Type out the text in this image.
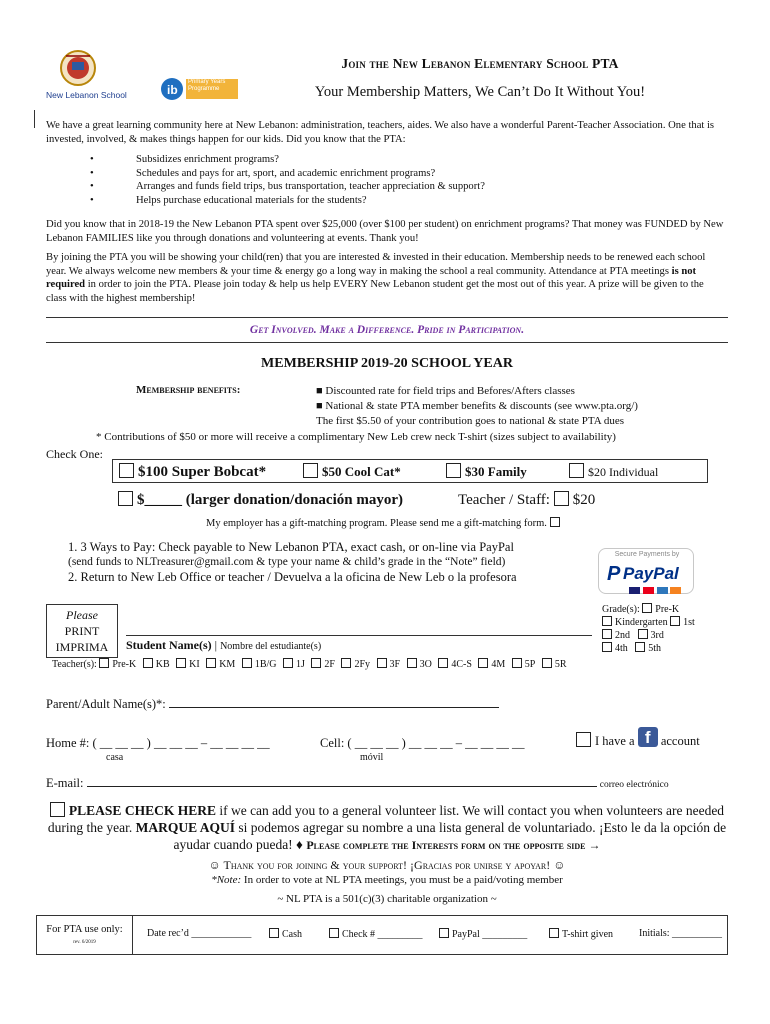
New Lebanon School	ib
Primary Years Programme
Join the New Lebanon Elementary School PTA
Your Membership Matters, We Can’t Do It Without You!
We have a great learning community here at New Lebanon: administration, teachers, aides. We also have a wonderful Parent-Teacher Association. One that is invested, involved, & makes things happen for our kids. Did you know that the PTA:
• Subsidizes enrichment programs?
• Schedules and pays for art, sport, and academic enrichment programs?
• Arranges and funds field trips, bus transportation, teacher appreciation & support?
• Helps purchase educational materials for the students?
Did you know that in 2018-19 the New Lebanon PTA spent over $25,000 (over $100 per student) on enrichment programs? That money was FUNDED by New Lebanon FAMILIES like you through donations and volunteering at events. Thank you!
By joining the PTA you will be showing your child(ren) that you are interested & invested in their education. Membership needs to be renewed each school year. We always welcome new members & your time & energy go a long way in making the school a real community. Attendance at PTA meetings is not required in order to join the PTA. Please join today & help us help EVERY New Lebanon student get the most out of this year. A prize will be given to the class with the highest membership!
Get Involved. Make a Difference. Pride in Participation.
MEMBERSHIP 2019-20 SCHOOL YEAR
Membership benefits:	■ Discounted rate for field trips and Befores/Afters classes
■ National & state PTA member benefits & discounts (see www.pta.org/)
The first $5.50 of your contribution goes to national & state PTA dues
* Contributions of $50 or more will receive a complimentary New Leb crew neck T-shirt (sizes subject to availability)
Check One:
$100 Super Bobcat*	$50 Cool Cat*	$30 Family	$20 Individual
$_____ (larger donation/donación mayor)	Teacher / Staff: $20
My employer has a gift-matching program. Please send me a gift-matching form.
1. 3 Ways to Pay: Check payable to New Lebanon PTA, exact cash, or on-line via PayPal
(send funds to NLTreasurer@gmail.com & type your name & child’s grade in the “Note” field)
2. Return to New Leb Office or teacher / Devuelva a la oficina de New Leb o la profesora
Secure Payments by
P PayPal

Please
PRINT
IMPRIMA	Student Name(s) | Nombre del estudiante(s)
Grade(s): Pre-K
Kindergarten 1st
2nd 3rd
4th 5th
Teacher(s): Pre-K KB KI KM 1B/G 1J 2F 2Fy 3F 3O 4C-S 4M 5P 5R
Parent/Adult Name(s)*:
Home #: ( __ __ __ ) __ __ __ – __ __ __ __
casa
Cell: ( __ __ __ ) __ __ __ – __ __ __ __
móvil
I have a f account
E-mail:	correo electrónico
PLEASE CHECK HERE if we can add you to a general volunteer list. We will contact you when volunteers are needed during the year. MARQUE AQUÍ si podemos agregar su nombre a una lista general de voluntariado. ¡Esto le da la opción de ayudar cuando pueda! ♦ Please complete the Interests form on the opposite side →
☺ Thank you for joining & your support! ¡Gracias por unirse y apoyar! ☺
*Note: In order to vote at NL PTA meetings, you must be a paid/voting member
~ NL PTA is a 501(c)(3) charitable organization ~
For PTA use only:
rev. 6/2019
Date rec’d ____________	Cash	Check # _________	PayPal _________	T-shirt given	Initials: __________
